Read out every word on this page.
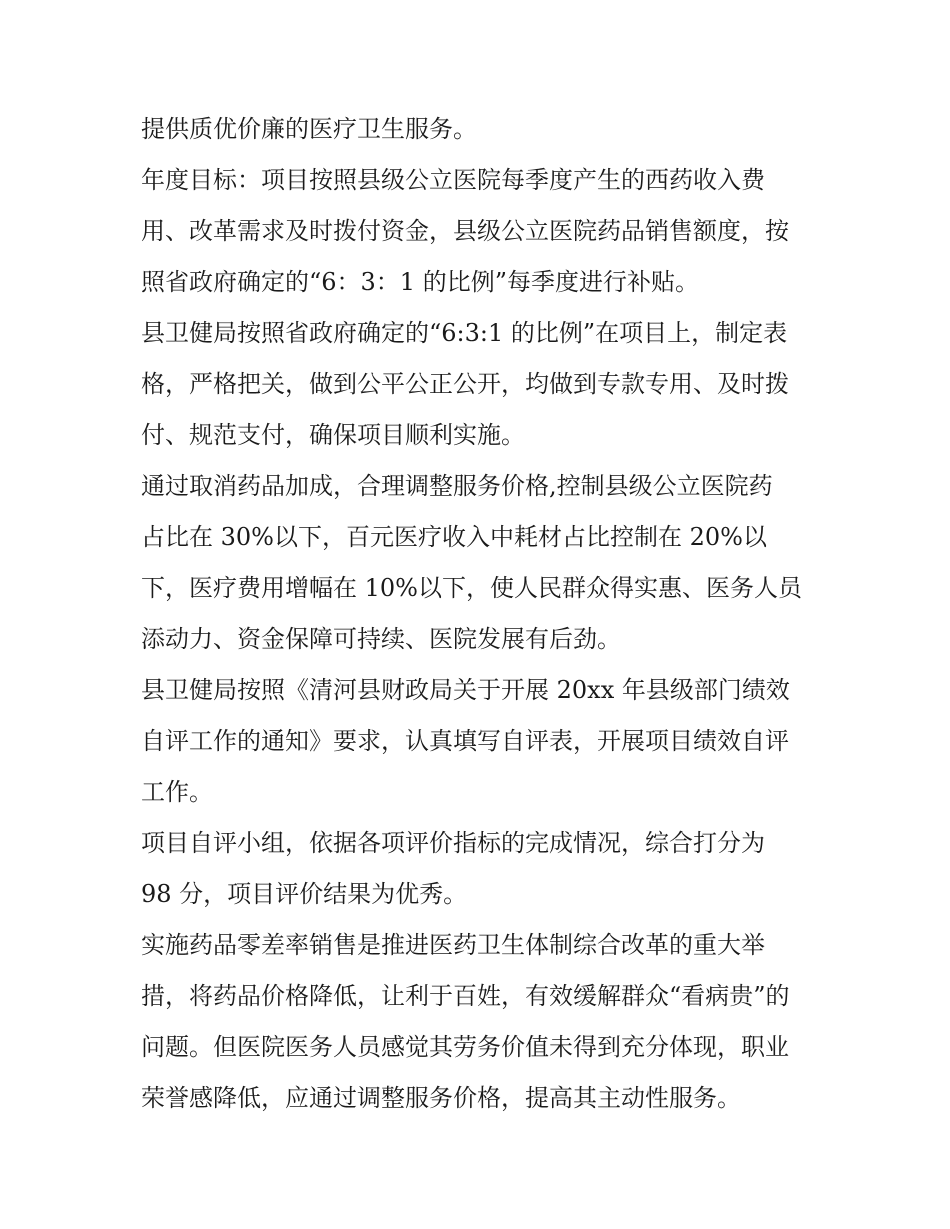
提供质优价廉的医疗卫生服务。
年度目标：项目按照县级公立医院每季度产生的西药收入费
用、改革需求及时拨付资金，县级公立医院药品销售额度，按
照省政府确定的“6：3：1 的比例”每季度进行补贴。
县卫健局按照省政府确定的“6:3:1 的比例”在项目上，制定表
格，严格把关，做到公平公正公开，均做到专款专用、及时拨
付、规范支付，确保项目顺利实施。
通过取消药品加成，合理调整服务价格,控制县级公立医院药
占比在 30%以下，百元医疗收入中耗材占比控制在 20%以
下，医疗费用增幅在 10%以下，使人民群众得实惠、医务人员
添动力、资金保障可持续、医院发展有后劲。
县卫健局按照《清河县财政局关于开展 20xx 年县级部门绩效
自评工作的通知》要求，认真填写自评表，开展项目绩效自评
工作。
项目自评小组，依据各项评价指标的完成情况，综合打分为
98 分，项目评价结果为优秀。
实施药品零差率销售是推进医药卫生体制综合改革的重大举
措，将药品价格降低，让利于百姓，有效缓解群众“看病贵”的
问题。但医院医务人员感觉其劳务价值未得到充分体现，职业
荣誉感降低，应通过调整服务价格，提高其主动性服务。
